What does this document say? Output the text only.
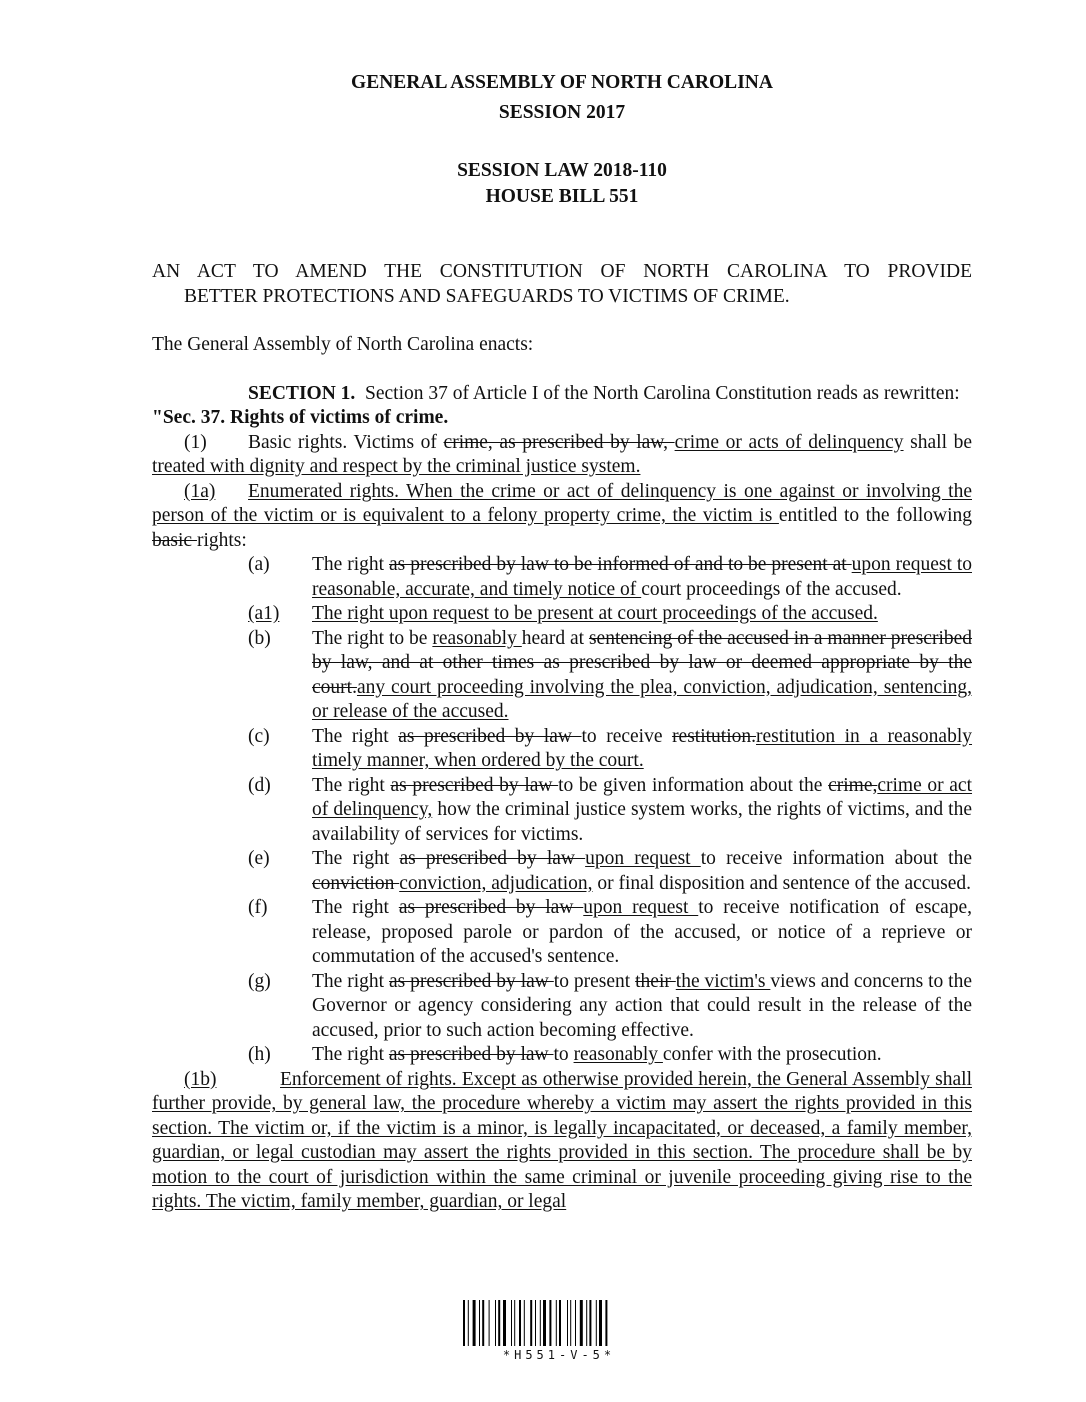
GENERAL ASSEMBLY OF NORTH CAROLINA
SESSION 2017
SESSION LAW 2018-110
HOUSE BILL 551
AN ACT TO AMEND THE CONSTITUTION OF NORTH CAROLINA TO PROVIDE
BETTER PROTECTIONS AND SAFEGUARDS TO VICTIMS OF CRIME.
The General Assembly of North Carolina enacts:
SECTION 1. Section 37 of Article I of the North Carolina Constitution reads as rewritten:
"Sec. 37. Rights of victims of crime.
(1) Basic rights. Victims of crime, as prescribed by law, crime or acts of delinquency shall be treated with dignity and respect by the criminal justice system.
(1a) Enumerated rights. When the crime or act of delinquency is one against or involving the person of the victim or is equivalent to a felony property crime, the victim is entitled to the following basic rights:
(a)	The right as prescribed by law to be informed of and to be present at upon request to reasonable, accurate, and timely notice of court proceedings of the accused.
(a1)	The right upon request to be present at court proceedings of the accused.
(b)	The right to be reasonably heard at sentencing of the accused in a manner prescribed by law, and at other times as prescribed by law or deemed appropriate by the court.any court proceeding involving the plea, conviction, adjudication, sentencing, or release of the accused.
(c)	The right as prescribed by law to receive restitution.restitution in a reasonably timely manner, when ordered by the court.
(d)	The right as prescribed by law to be given information about the crime,crime or act of delinquency, how the criminal justice system works, the rights of victims, and the availability of services for victims.
(e)	The right as prescribed by law upon request to receive information about the conviction conviction, adjudication, or final disposition and sentence of the accused.
(f)	The right as prescribed by law upon request to receive notification of escape, release, proposed parole or pardon of the accused, or notice of a reprieve or commutation of the accused's sentence.
(g)	The right as prescribed by law to present their the victim's views and concerns to the Governor or agency considering any action that could result in the release of the accused, prior to such action becoming effective.
(h)	The right as prescribed by law to reasonably confer with the prosecution.
(1b)	Enforcement of rights. Except as otherwise provided herein, the General Assembly shall further provide, by general law, the procedure whereby a victim may assert the rights provided in this section. The victim or, if the victim is a minor, is legally incapacitated, or deceased, a family member, guardian, or legal custodian may assert the rights provided in this section. The procedure shall be by motion to the court of jurisdiction within the same criminal or juvenile proceeding giving rise to the rights. The victim, family member, guardian, or legal
*H551-V-5*
